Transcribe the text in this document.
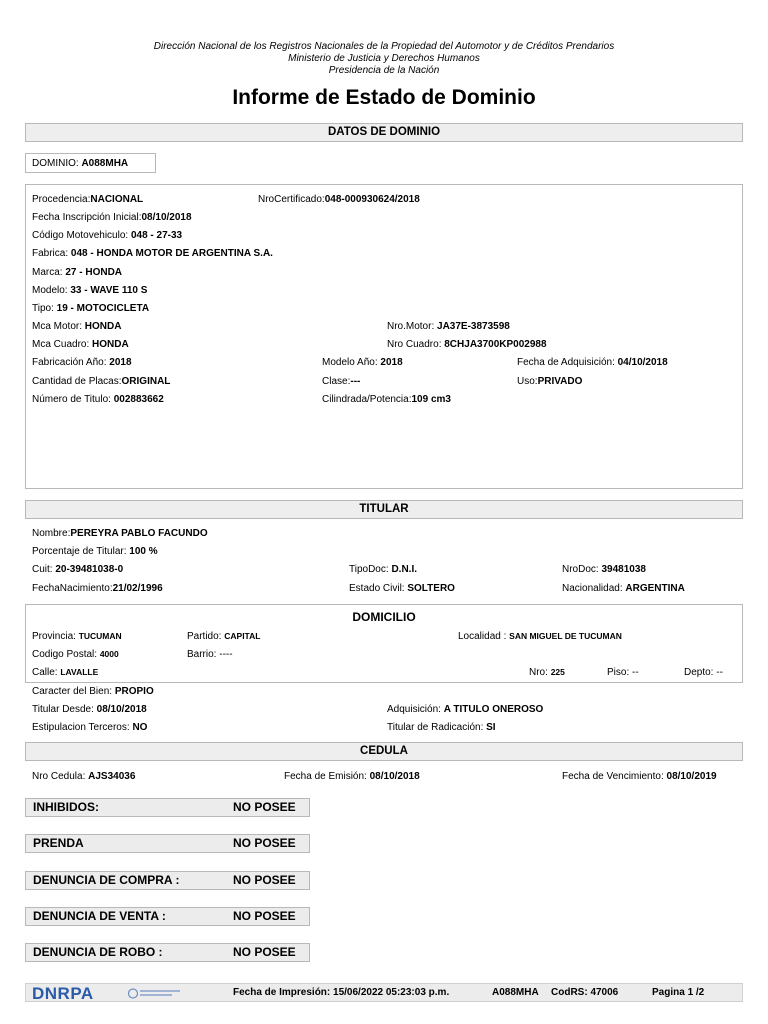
Dirección Nacional de los Registros Nacionales de la Propiedad del Automotor y de Créditos Prendarios
Ministerio de Justicia y Derechos Humanos
Presidencia de la Nación
Informe de Estado de Dominio
DATOS DE DOMINIO
DOMINIO: A088MHA
Procedencia:NACIONAL	NroCertificado:048-000930624/2018
Fecha Inscripción Inicial:08/10/2018
Código Motovehiculo: 048 - 27-33
Fabrica: 048 - HONDA MOTOR DE ARGENTINA S.A.
Marca: 27 - HONDA
Modelo: 33 - WAVE 110 S
Tipo: 19 - MOTOCICLETA
Mca Motor: HONDA	Nro.Motor: JA37E-3873598
Mca Cuadro: HONDA	Nro Cuadro: 8CHJA3700KP002988
Fabricación Año: 2018	Modelo Año: 2018	Fecha de Adquisición: 04/10/2018
Cantidad de Placas:ORIGINAL	Clase:---	Uso:PRIVADO
Número de Titulo: 002883662	Cilindrada/Potencia:109 cm3
TITULAR
Nombre:PEREYRA PABLO FACUNDO
Porcentaje de Titular: 100 %
Cuit: 20-39481038-0	TipoDoc: D.N.I.	NroDoc: 39481038
FechaNacimiento:21/02/1996	Estado Civil: SOLTERO	Nacionalidad: ARGENTINA
DOMICILIO
Provincia: TUCUMAN	Partido: CAPITAL	Localidad : SAN MIGUEL DE TUCUMAN
Codigo Postal: 4000	Barrio: ----
Calle: LAVALLE	Nro: 225	Piso: --	Depto: --
Caracter del Bien: PROPIO
Titular Desde: 08/10/2018	Adquisición: A TITULO ONEROSO
Estipulacion Terceros: NO	Titular de Radicación: SI
CEDULA
Nro Cedula: AJS34036	Fecha de Emisión: 08/10/2018	Fecha de Vencimiento: 08/10/2019
INHIBIDOS:	NO POSEE
PRENDA	NO POSEE
DENUNCIA DE COMPRA :	NO POSEE
DENUNCIA DE VENTA :	NO POSEE
DENUNCIA DE ROBO :	NO POSEE
DNRPA	Fecha de Impresión: 15/06/2022 05:23:03 p.m.	A088MHA CodRS: 47006	Pagina 1 /2
